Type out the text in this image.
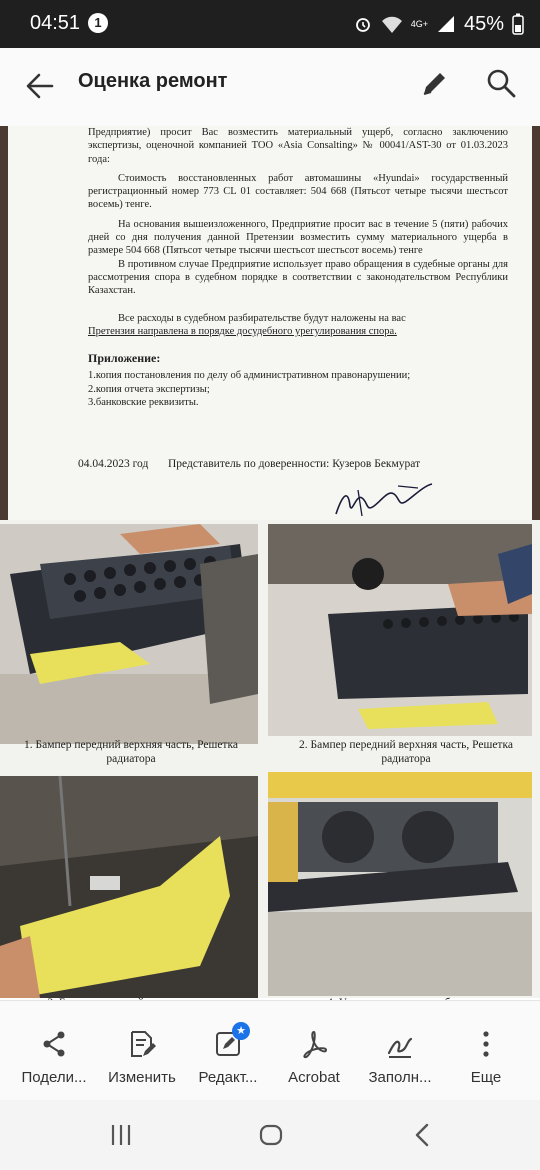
04:51	1	4G+ 45%
Оценка ремонт

Предприятие) просит Вас возместить материальный ущерб, согласно заключению экспертизы, оценочной компанией ТОО «Asia Consalting» № 00041/AST-30 от 01.03.2023 года:

Стоимость восстановленных работ автомашины «Hyundai» государственный регистрационный номер 773 CL 01 составляет: 504 668 (Пятьсот четыре тысячи шестьсот восемь) тенге.

На основания вышеизложенного, Предприятие просит вас в течение 5 (пяти) рабочих дней со дня получения данной Претензии возместить сумму материального ущерба в размере 504 668 (Пятьсот четыре тысячи шестьсот шестьсот восемь) тенге

В противном случае Предприятие использует право обращения в судебные органы для рассмотрения спора в судебном порядке в соответствии с законодательством Республики Казахстан.

Все расходы в судебном разбирательстве будут наложены на вас

Претензия направлена в порядке досудебного урегулирования спора.

Приложение:

1.копия постановления по делу об административном правонарушении;

2.копия отчета экспертизы;

3.банковские реквизиты.

04.04.2023 год Представитель по доверенности: Кузеров Бекмурат
1. Бампер передний верхняя часть, Решетка радиатора
2. Бампер передний верхняя часть, Решетка радиатора
Подели...	Изменить	Редакт...
★
Acrobat	Заполн...	Еще
